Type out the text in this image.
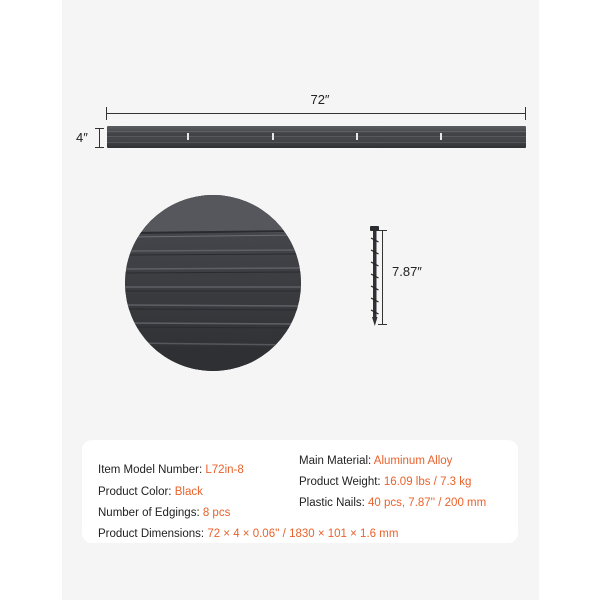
72″
4″
7.87″
Item Model Number: L72in-8
Product Color: Black
Number of Edgings: 8 pcs
Product Dimensions: 72 × 4 × 0.06'' / 1830 × 101 × 1.6 mm
Main Material: Aluminum Alloy
Product Weight: 16.09 lbs / 7.3 kg
Plastic Nails: 40 pcs, 7.87'' / 200 mm
